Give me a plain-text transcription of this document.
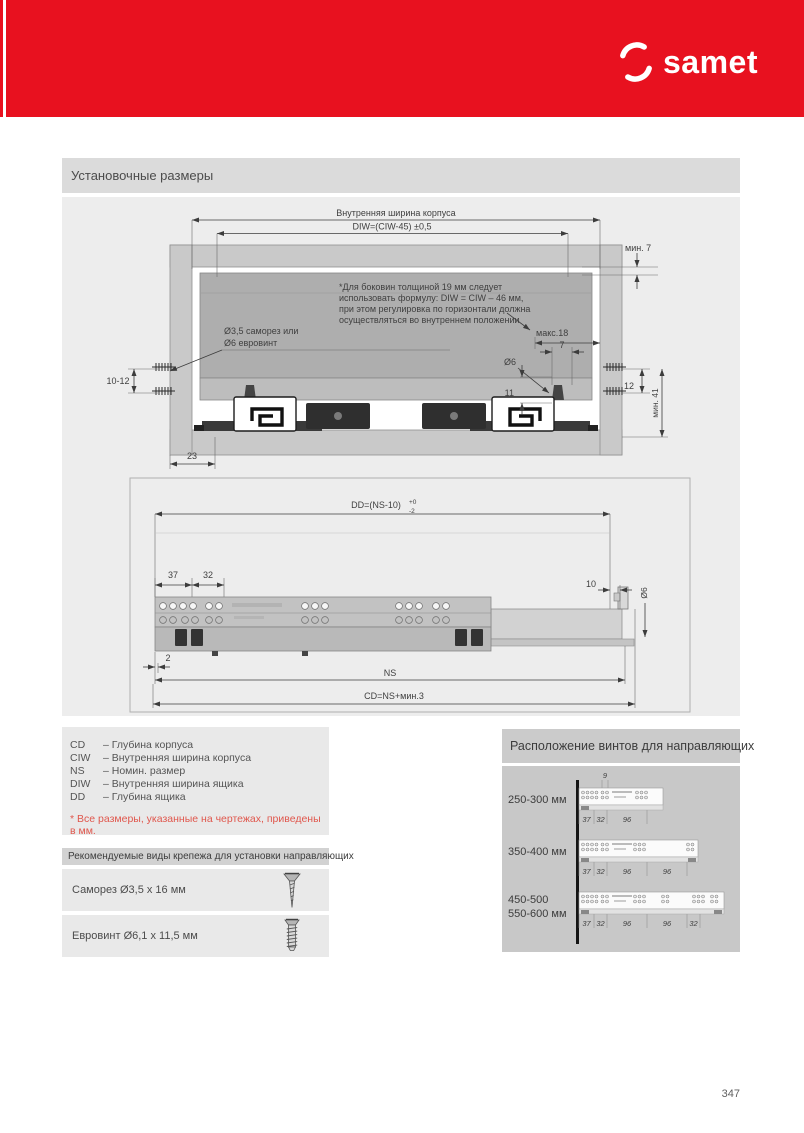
samet
Установочные размеры
Внутренняя ширина корпуса
DIW=(CIW-45) ±0,5
мин. 7
*Для боковин толщиной 19 мм следует
использовать формулу: DIW = CIW – 46 мм,
при этом регулировка по горизонтали должна
осуществляться во внутреннем положении
макс.18
Ø3,5 саморез или
Ø6 евровинт
Ø6
7
11
10-12	12
мин. 41
23
DD=(NS-10) +0
-2
37	32
10
Ø6
2
NS
CD=NS+мин.3
CD	– Глубина корпуса
CIW	– Внутренняя ширина корпуса
NS	– Номин. размер
DIW	– Внутренняя ширина ящика
DD	– Глубина ящика
* Все размеры, указанные на чертежах, приведены в мм.
Рекомендуемые виды крепежа для установки направляющих
Саморез Ø3,5 x 16 мм
Евровинт Ø6,1 x 11,5 мм
Расположение винтов для направляющих
250-300 мм
9
37 32 96
350-400 мм
37 32 96	96
450-500
550-600 мм
37 32 96	96 32
347
